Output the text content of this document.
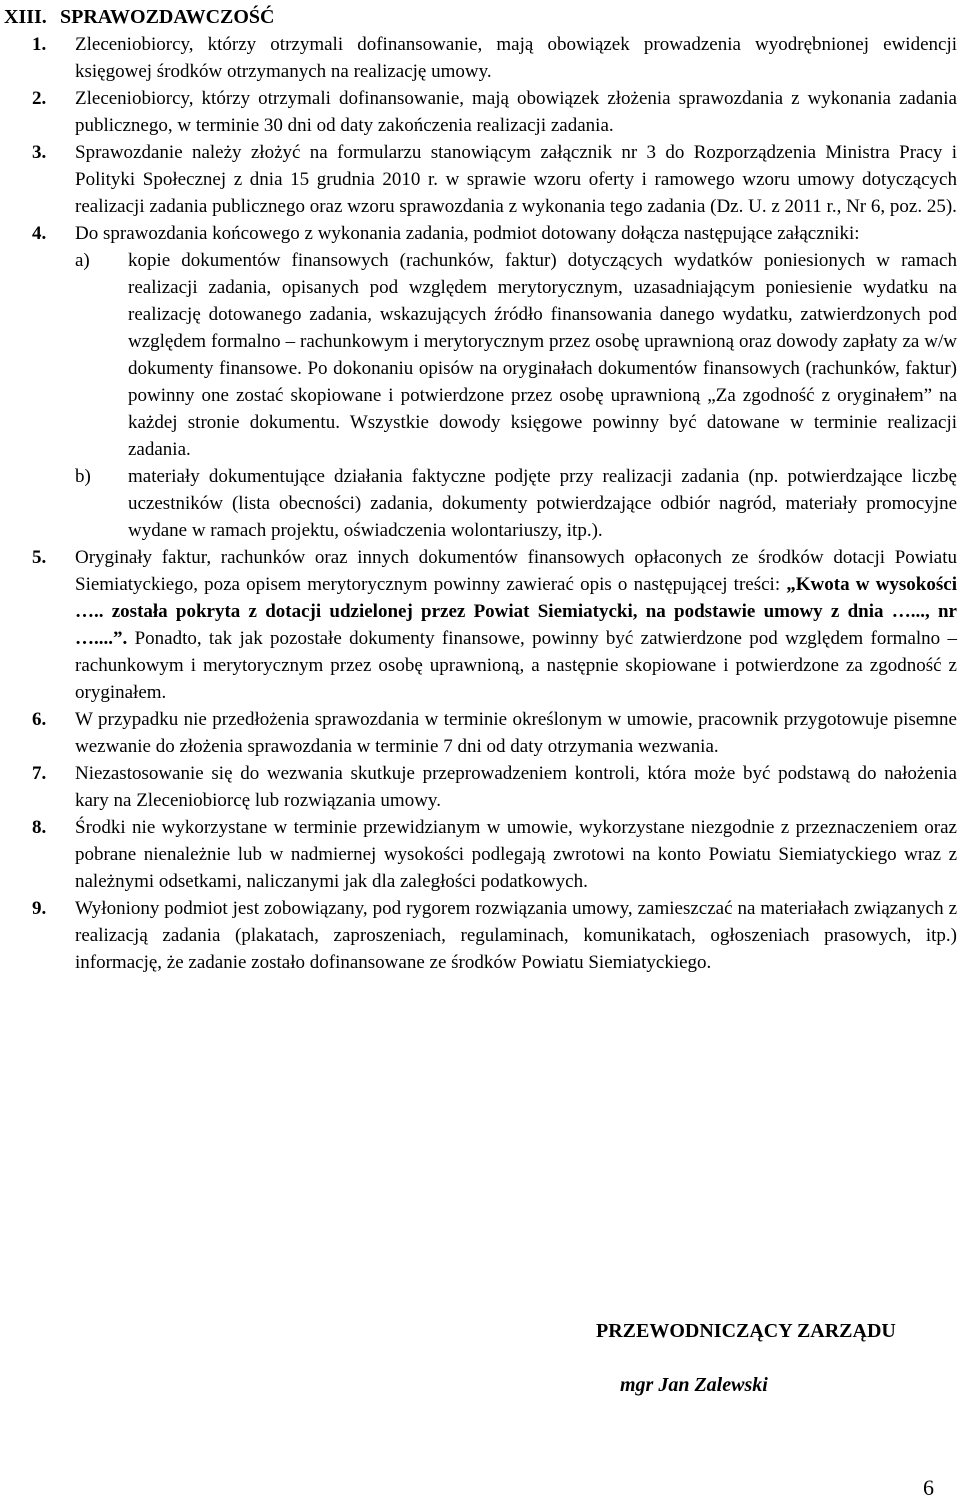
XIII. SPRAWOZDAWCZOŚĆ
1.	Zleceniobiorcy, którzy otrzymali dofinansowanie, mają obowiązek prowadzenia wyodrębnionej ewidencji księgowej środków otrzymanych na realizację umowy.
2.	Zleceniobiorcy, którzy otrzymali dofinansowanie, mają obowiązek złożenia sprawozdania z wykonania zadania publicznego, w terminie 30 dni od daty zakończenia realizacji zadania.
3.	Sprawozdanie należy złożyć na formularzu stanowiącym załącznik nr 3 do Rozporządzenia Ministra Pracy i Polityki Społecznej z dnia 15 grudnia 2010 r. w sprawie wzoru oferty i ramowego wzoru umowy dotyczących realizacji zadania publicznego oraz wzoru sprawozdania z wykonania tego zadania (Dz. U. z 2011 r., Nr 6, poz. 25).
4.	Do sprawozdania końcowego z wykonania zadania, podmiot dotowany dołącza następujące załączniki:
a) kopie dokumentów finansowych (rachunków, faktur) dotyczących wydatków poniesionych w ramach realizacji zadania, opisanych pod względem merytorycznym, uzasadniającym poniesienie wydatku na realizację dotowanego zadania, wskazujących źródło finansowania danego wydatku, zatwierdzonych pod względem formalno – rachunkowym i merytorycznym przez osobę uprawnioną oraz dowody zapłaty za w/w dokumenty finansowe. Po dokonaniu opisów na oryginałach dokumentów finansowych (rachunków, faktur) powinny one zostać skopiowane i potwierdzone przez osobę uprawnioną „Za zgodność z oryginałem” na każdej stronie dokumentu. Wszystkie dowody księgowe powinny być datowane w terminie realizacji zadania.
b) materiały dokumentujące działania faktyczne podjęte przy realizacji zadania (np. potwierdzające liczbę uczestników (lista obecności) zadania, dokumenty potwierdzające odbiór nagród, materiały promocyjne wydane w ramach projektu, oświadczenia wolontariuszy, itp.).
5.	Oryginały faktur, rachunków oraz innych dokumentów finansowych opłaconych ze środków dotacji Powiatu Siemiatyckiego, poza opisem merytorycznym powinny zawierać opis o następującej treści: „Kwota w wysokości ….. została pokryta z dotacji udzielonej przez Powiat Siemiatycki, na podstawie umowy z dnia …..., nr …....”. Ponadto, tak jak pozostałe dokumenty finansowe, powinny być zatwierdzone pod względem formalno – rachunkowym i merytorycznym przez osobę uprawnioną, a następnie skopiowane i potwierdzone za zgodność z oryginałem.
6.	W przypadku nie przedłożenia sprawozdania w terminie określonym w umowie, pracownik przygotowuje pisemne wezwanie do złożenia sprawozdania w terminie 7 dni od daty otrzymania wezwania.
7.	Niezastosowanie się do wezwania skutkuje przeprowadzeniem kontroli, która może być podstawą do nałożenia kary na Zleceniobiorcę lub rozwiązania umowy.
8.	Środki nie wykorzystane w terminie przewidzianym w umowie, wykorzystane niezgodnie z przeznaczeniem oraz pobrane nienależnie lub w nadmiernej wysokości podlegają zwrotowi na konto Powiatu Siemiatyckiego wraz z należnymi odsetkami, naliczanymi jak dla zaległości podatkowych.
9.	Wyłoniony podmiot jest zobowiązany, pod rygorem rozwiązania umowy, zamieszczać na materiałach związanych z realizacją zadania (plakatach, zaproszeniach, regulaminach, komunikatach, ogłoszeniach prasowych, itp.) informację, że zadanie zostało dofinansowane ze środków Powiatu Siemiatyckiego.
PRZEWODNICZĄCY ZARZĄDU
mgr Jan Zalewski
6
